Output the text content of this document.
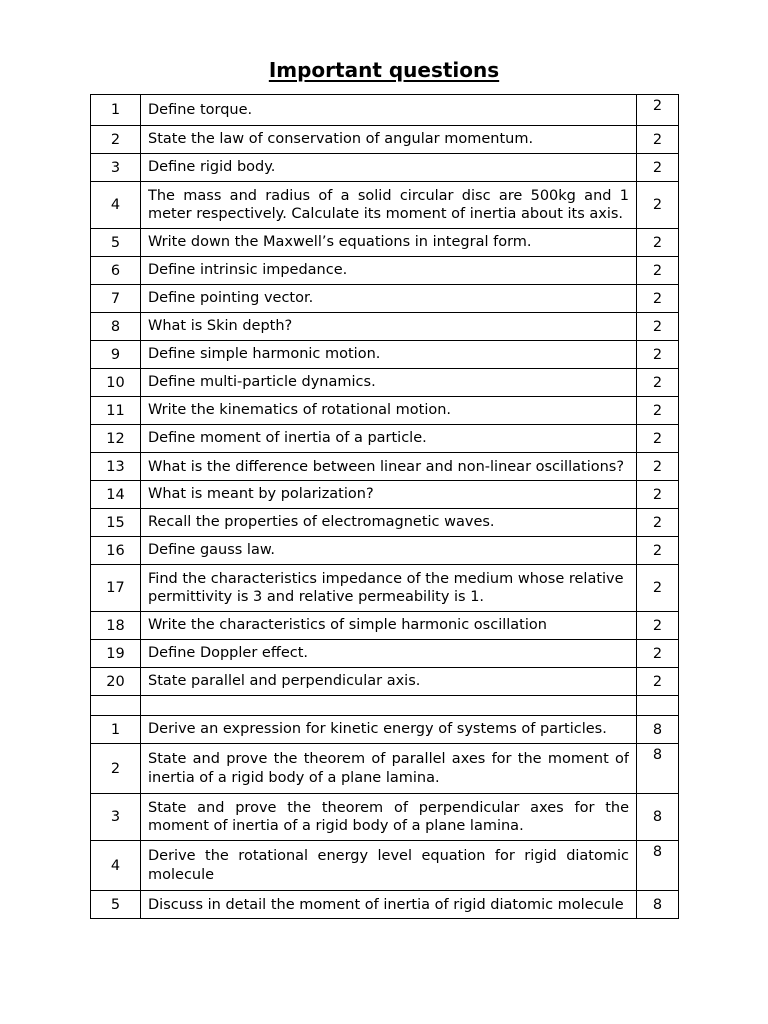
Important questions
1	Define torque.	2
2	State the law of conservation of angular momentum.	2
3	Define rigid body.	2
4	The mass and radius of a solid circular disc are 500kg and 1 meter respectively. Calculate its moment of inertia about its axis.	2
5	Write down the Maxwell’s equations in integral form.	2
6	Define intrinsic impedance.	2
7	Define pointing vector.	2
8	What is Skin depth?	2
9	Define simple harmonic motion.	2
10	Define multi-particle dynamics.	2
11	Write the kinematics of rotational motion.	2
12	Define moment of inertia of a particle.	2
13	What is the difference between linear and non-linear oscillations?	2
14	What is meant by polarization?	2
15	Recall the properties of electromagnetic waves.	2
16	Define gauss law.	2
17	Find the characteristics impedance of the medium whose relative permittivity is 3 and relative permeability is 1.	2
18	Write the characteristics of simple harmonic oscillation	2
19	Define Doppler effect.	2
20	State parallel and perpendicular axis.	2

1	Derive an expression for kinetic energy of systems of particles.	8
2	State and prove the theorem of parallel axes for the moment of inertia of a rigid body of a plane lamina.	8
3	State and prove the theorem of perpendicular axes for the moment of inertia of a rigid body of a plane lamina.	8
4	Derive the rotational energy level equation for rigid diatomic molecule	8
5	Discuss in detail the moment of inertia of rigid diatomic molecule	8
